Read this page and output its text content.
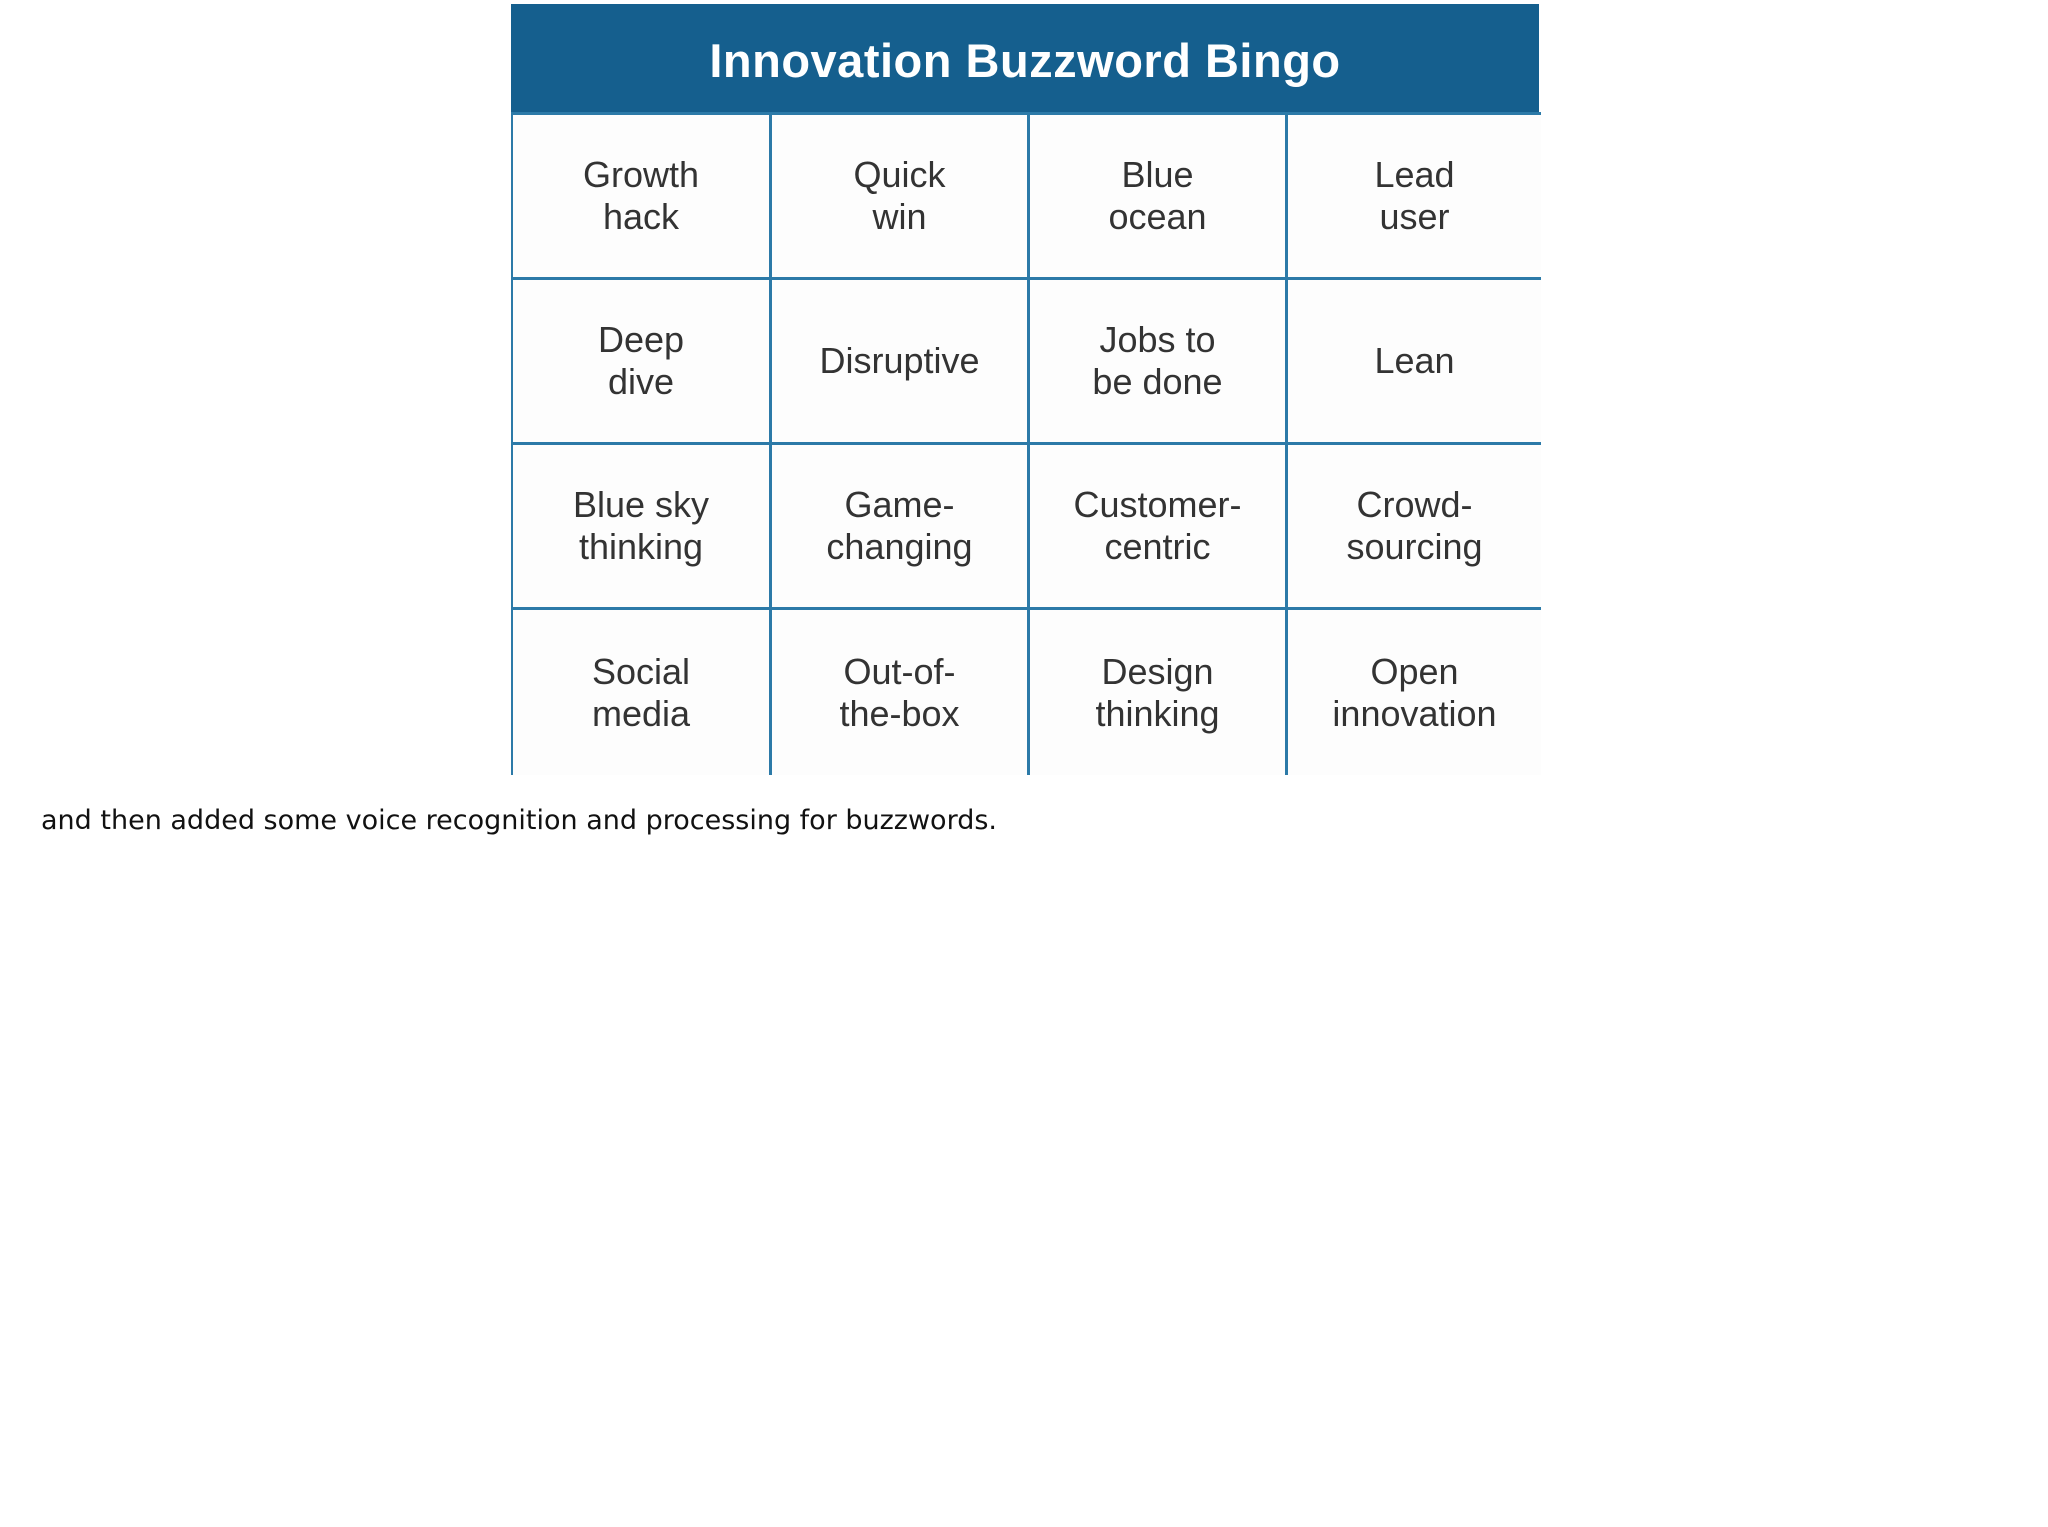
Innovation Buzzword Bingo
Growth
hack
Quick
win
Blue
ocean
Lead
user
Deep
dive
Disruptive
Jobs to
be done
Lean
Blue sky
thinking
Game-
changing
Customer-
centric
Crowd-
sourcing
Social
media
Out-of-
the-box
Design
thinking
Open
innovation
and then added some voice recognition and processing for buzzwords.
